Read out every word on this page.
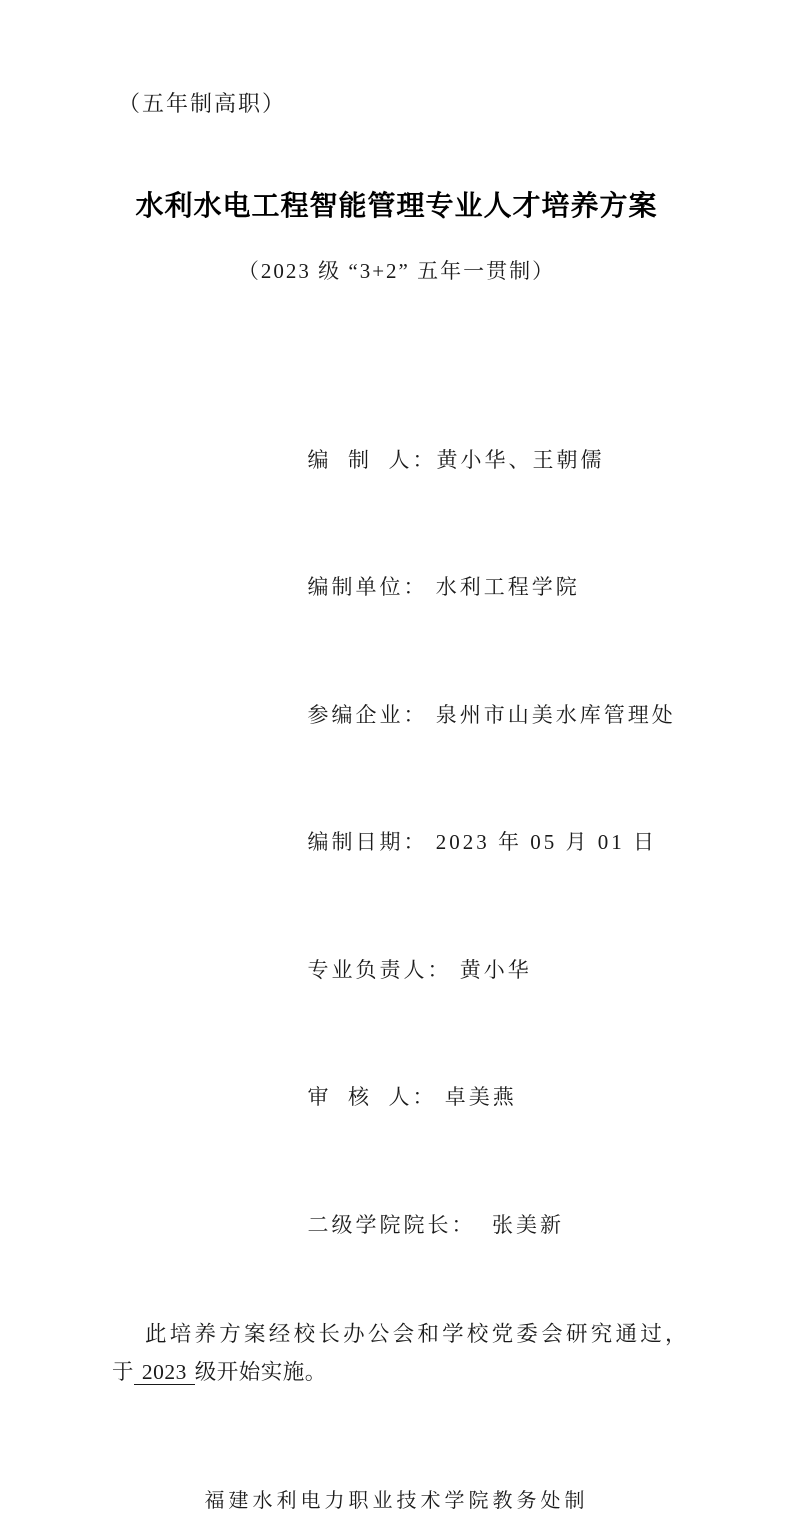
（五年制高职）
水利水电工程智能管理专业人才培养方案
（2023 级 “3+2” 五年一贯制）

编  制  人：黄小华、王朝儒

编制单位： 水利工程学院

参编企业： 泉州市山美水库管理处

编制日期： 2023 年 05 月 01 日

专业负责人： 黄小华

审  核  人： 卓美燕

二级学院院长：  张美新

此培养方案经校长办公会和学校党委会研究通过，于 2023 级开始实施。

福建水利电力职业技术学院教务处制
